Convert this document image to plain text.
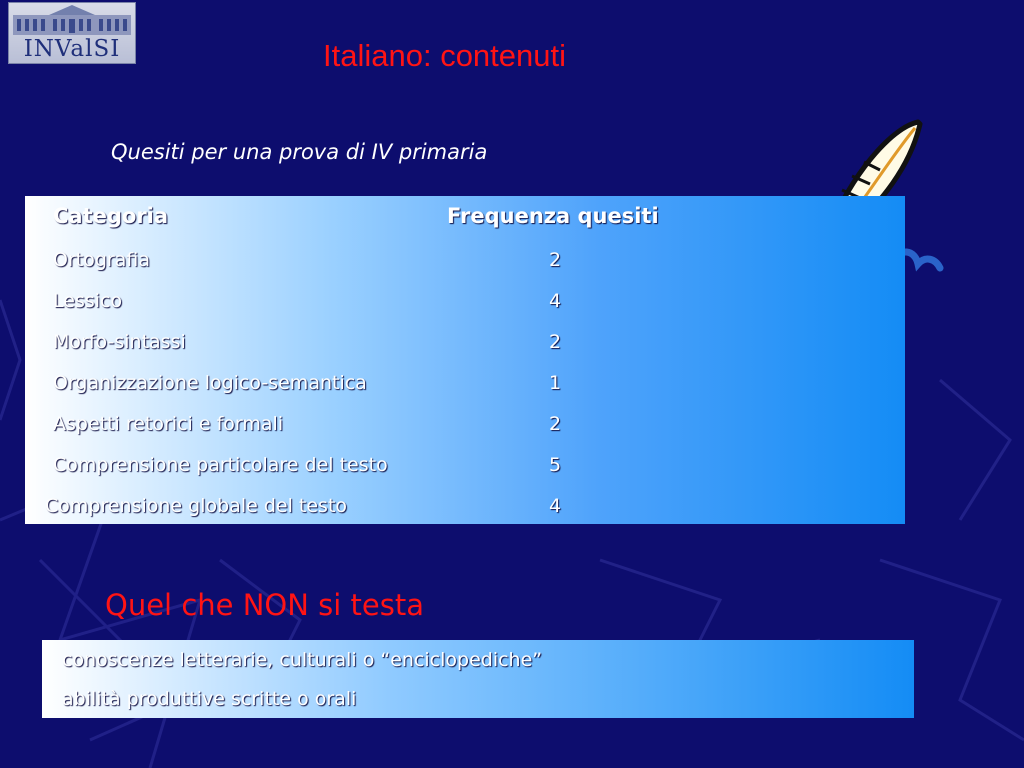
INValSI	Italiano: contenuti
Quesiti per una prova di IV primaria
Categoria	Frequenza quesiti
Ortografia	2
Lessico	4
Morfo-sintassi	2
Organizzazione logico-semantica	1
Aspetti retorici e formali	2
Comprensione particolare del testo	5
Comprensione globale del testo	4
Quel che NON si testa
conoscenze letterarie, culturali o “enciclopediche”
abilità produttive scritte o orali
